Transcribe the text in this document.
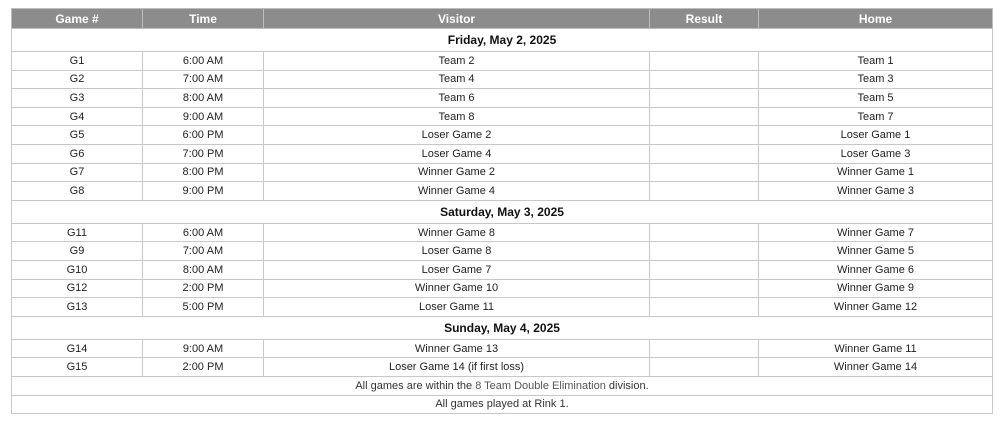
Game #	Time	Visitor	Result	Home
Friday, May 2, 2025				
G1	6:00 AM	Team 2		Team 1
G2	7:00 AM	Team 4		Team 3
G3	8:00 AM	Team 6		Team 5
G4	9:00 AM	Team 8		Team 7
G5	6:00 PM	Loser Game 2		Loser Game 1
G6	7:00 PM	Loser Game 4		Loser Game 3
G7	8:00 PM	Winner Game 2		Winner Game 1
G8	9:00 PM	Winner Game 4		Winner Game 3
Saturday, May 3, 2025				
G11	6:00 AM	Winner Game 8		Winner Game 7
G9	7:00 AM	Loser Game 8		Winner Game 5
G10	8:00 AM	Loser Game 7		Winner Game 6
G12	2:00 PM	Winner Game 10		Winner Game 9
G13	5:00 PM	Loser Game 11		Winner Game 12
Sunday, May 4, 2025				
G14	9:00 AM	Winner Game 13		Winner Game 11
G15	2:00 PM	Loser Game 14 (if first loss)		Winner Game 14
All games are within the 8 Team Double Elimination division.				
All games played at Rink 1.				
